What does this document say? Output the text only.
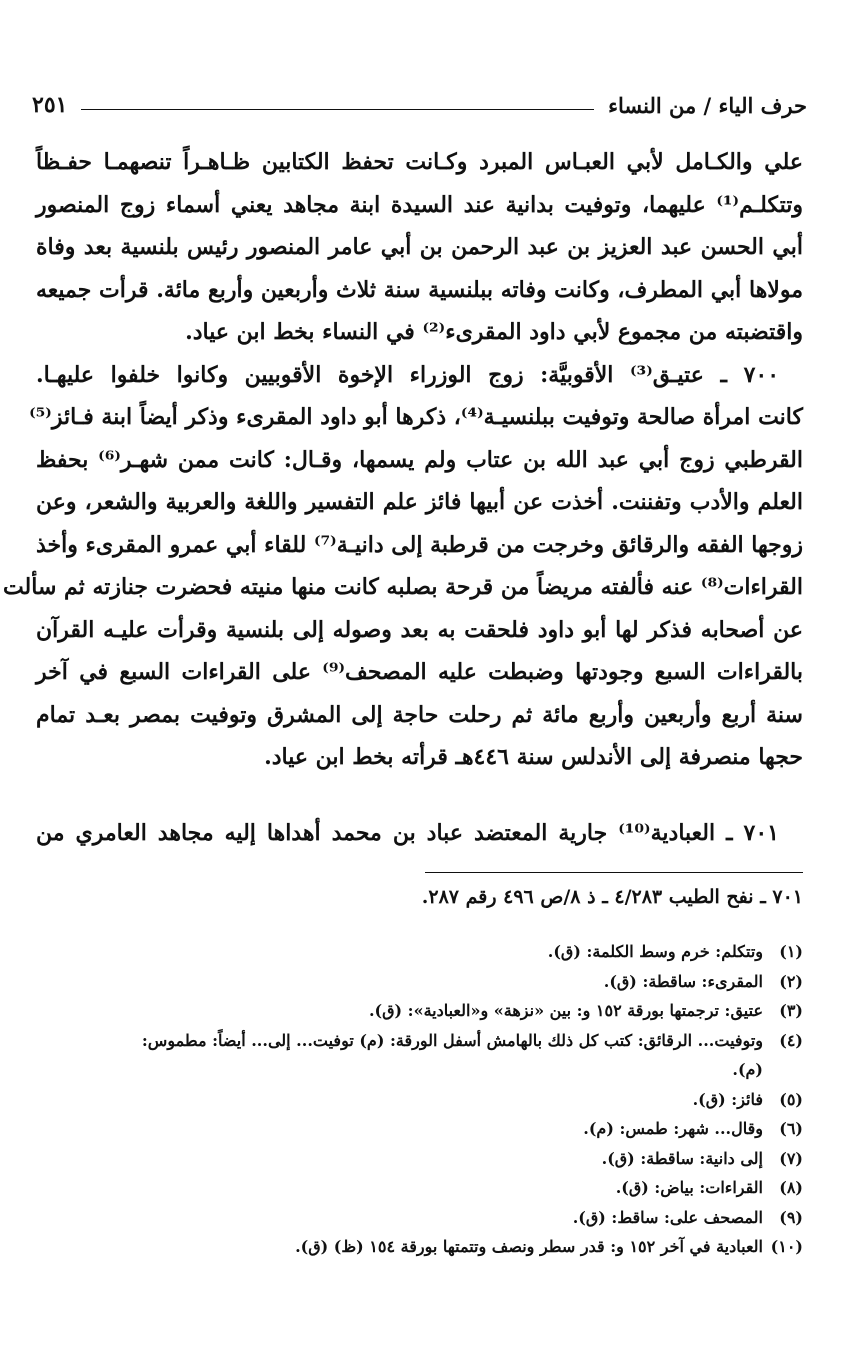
حرف الياء / من النساء
٢٥١
علي والكـامل لأبي العبـاس المبرد وكـانت تحفظ الكتابين ظـاهـراً تنصهمـا حفـظاً
وتتكلـم⁽¹⁾ عليهما، وتوفيت بدانية عند السيدة ابنة مجاهد يعني أسماء زوج المنصور
أبي الحسن عبد العزيز بن عبد الرحمن بن أبي عامر المنصور رئيس بلنسية بعد وفاة
مولاها أبي المطرف، وكانت وفاته ببلنسية سنة ثلاث وأربعين وأربع مائة. قرأت جميعه
واقتضبته من مجموع لأبي داود المقرىء⁽²⁾ في النساء بخط ابن عياد.
٧٠٠ ـ عتيـق⁽³⁾ الأقوبيَّة: زوج الوزراء الإخوة الأقوبيين وكانوا خلفوا عليهـا.
كانت امرأة صالحة وتوفيت ببلنسيـة⁽⁴⁾، ذكرها أبو داود المقرىء وذكر أيضاً ابنة فـائز⁽⁵⁾
القرطبي زوج أبي عبد الله بن عتاب ولم يسمها، وقـال: كانت ممن شهـر⁽⁶⁾ بحفظ
العلم والأدب وتفننت. أخذت عن أبيها فائز علم التفسير واللغة والعربية والشعر، وعن
زوجها الفقه والرقائق وخرجت من قرطبة إلى دانيـة⁽⁷⁾ للقاء أبي عمرو المقرىء وأخذ
القراءات⁽⁸⁾ عنه فألفته مريضاً من قرحة بصلبه كانت منها منيته فحضرت جنازته ثم سألت
عن أصحابه فذكر لها أبو داود فلحقت به بعد وصوله إلى بلنسية وقرأت عليـه القرآن
بالقراءات السبع وجودتها وضبطت عليه المصحف⁽⁹⁾ على القراءات السبع في آخر
سنة أربع وأربعين وأربع مائة ثم رحلت حاجة إلى المشرق وتوفيت بمصر بعـد تمام
حجها منصرفة إلى الأندلس سنة ٤٤٦هـ قرأته بخط ابن عياد.
٧٠١ ـ العبادية⁽¹⁰⁾ جارية المعتضد عباد بن محمد أهداها إليه مجاهد العامري من
٧٠١ ـ نفح الطيب ٤/٢٨٣ ـ ذ ٨/ص ٤٩٦ رقم ٢٨٧.
(١)
وتتكلم: خرم وسط الكلمة: (ق).
(٢)
المقرىء: ساقطة: (ق).
(٣)
عتيق: ترجمتها بورقة ١٥٢ و: بين «نزهة» و«العبادية»: (ق).
(٤)
وتوفيت... الرقائق: كتب كل ذلك بالهامش أسفل الورقة: (م) توفيت... إلى... أيضاً: مطموس:
(م).
(٥)
فائز: (ق).
(٦)
وقال... شهر: طمس: (م).
(٧)
إلى دانية: ساقطة: (ق).
(٨)
القراءات: بياض: (ق).
(٩)
المصحف على: ساقط: (ق).
(١٠)
العبادية في آخر ١٥٢ و: قدر سطر ونصف وتتمتها بورقة ١٥٤ (ظ) (ق).
